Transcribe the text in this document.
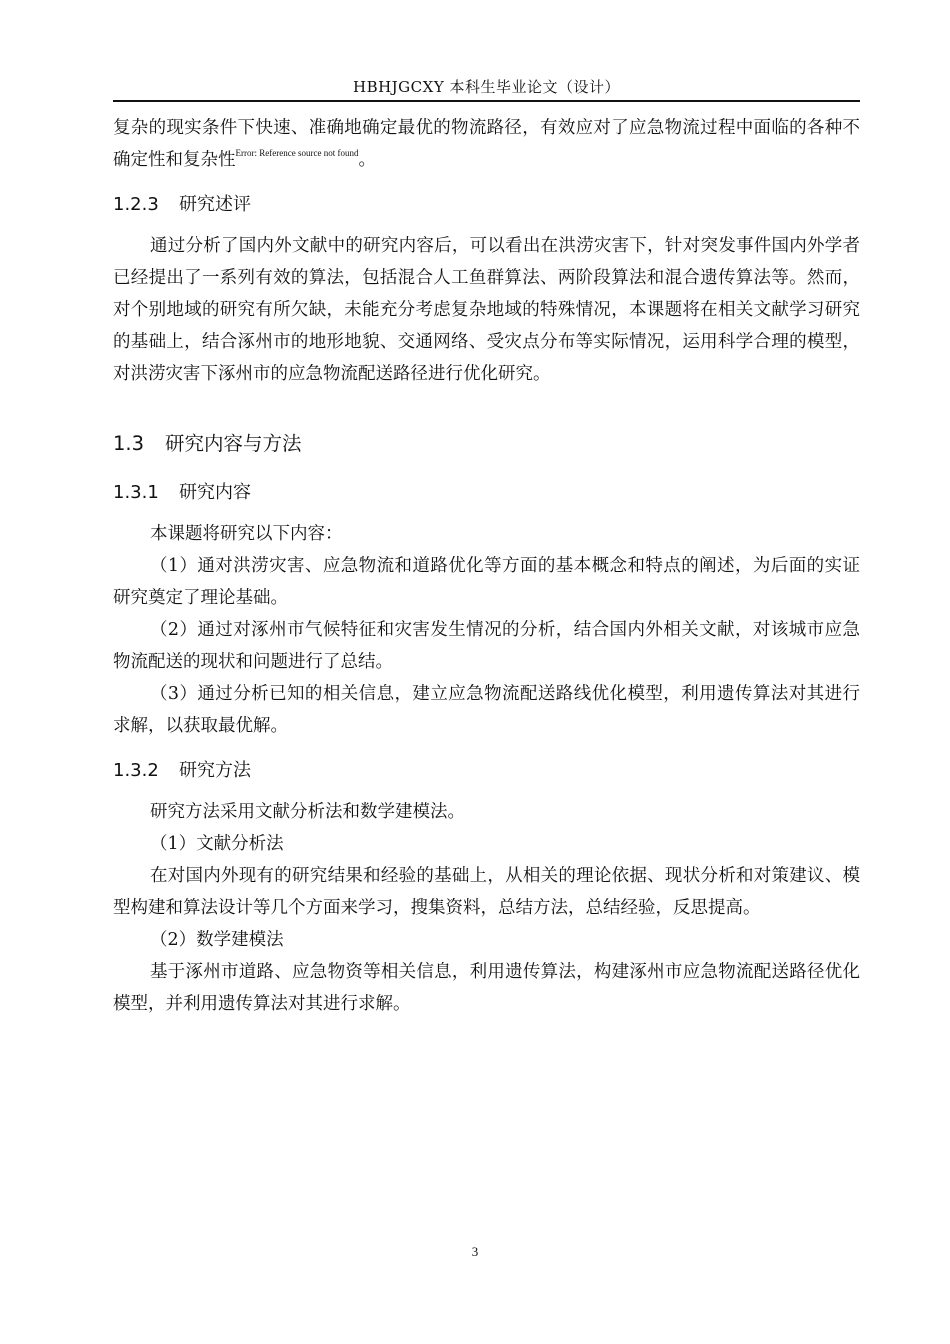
HBHJGCXY 本科生毕业论文（设计）

复杂的现实条件下快速、准确地确定最优的物流路径，有效应对了应急物流过程中面临的各种不确定性和复杂性$^{Error: Reference source not found}$。

1.2.3 研究述评

通过分析了国内外文献中的研究内容后，可以看出在洪涝灾害下，针对突发事件国内外学者已经提出了一系列有效的算法，包括混合人工鱼群算法、两阶段算法和混合遗传算法等。然而，对个别地域的研究有所欠缺，未能充分考虑复杂地域的特殊情况，本课题将在相关文献学习研究的基础上，结合涿州市的地形地貌、交通网络、受灾点分布等实际情况，运用科学合理的模型，对洪涝灾害下涿州市的应急物流配送路径进行优化研究。

1.3 研究内容与方法
1.3.1 研究内容

本课题将研究以下内容：

（1）通对洪涝灾害、应急物流和道路优化等方面的基本概念和特点的阐述，为后面的实证研究奠定了理论基础。

（2）通过对涿州市气候特征和灾害发生情况的分析，结合国内外相关文献，对该城市应急物流配送的现状和问题进行了总结。

（3）通过分析已知的相关信息，建立应急物流配送路线优化模型，利用遗传算法对其进行求解，以获取最优解。

1.3.2 研究方法

研究方法采用文献分析法和数学建模法。

（1）文献分析法

在对国内外现有的研究结果和经验的基础上，从相关的理论依据、现状分析和对策建议、模型构建和算法设计等几个方面来学习，搜集资料，总结方法，总结经验，反思提高。

（2）数学建模法

基于涿州市道路、应急物资等相关信息，利用遗传算法，构建涿州市应急物流配送路径优化模型，并利用遗传算法对其进行求解。

3
